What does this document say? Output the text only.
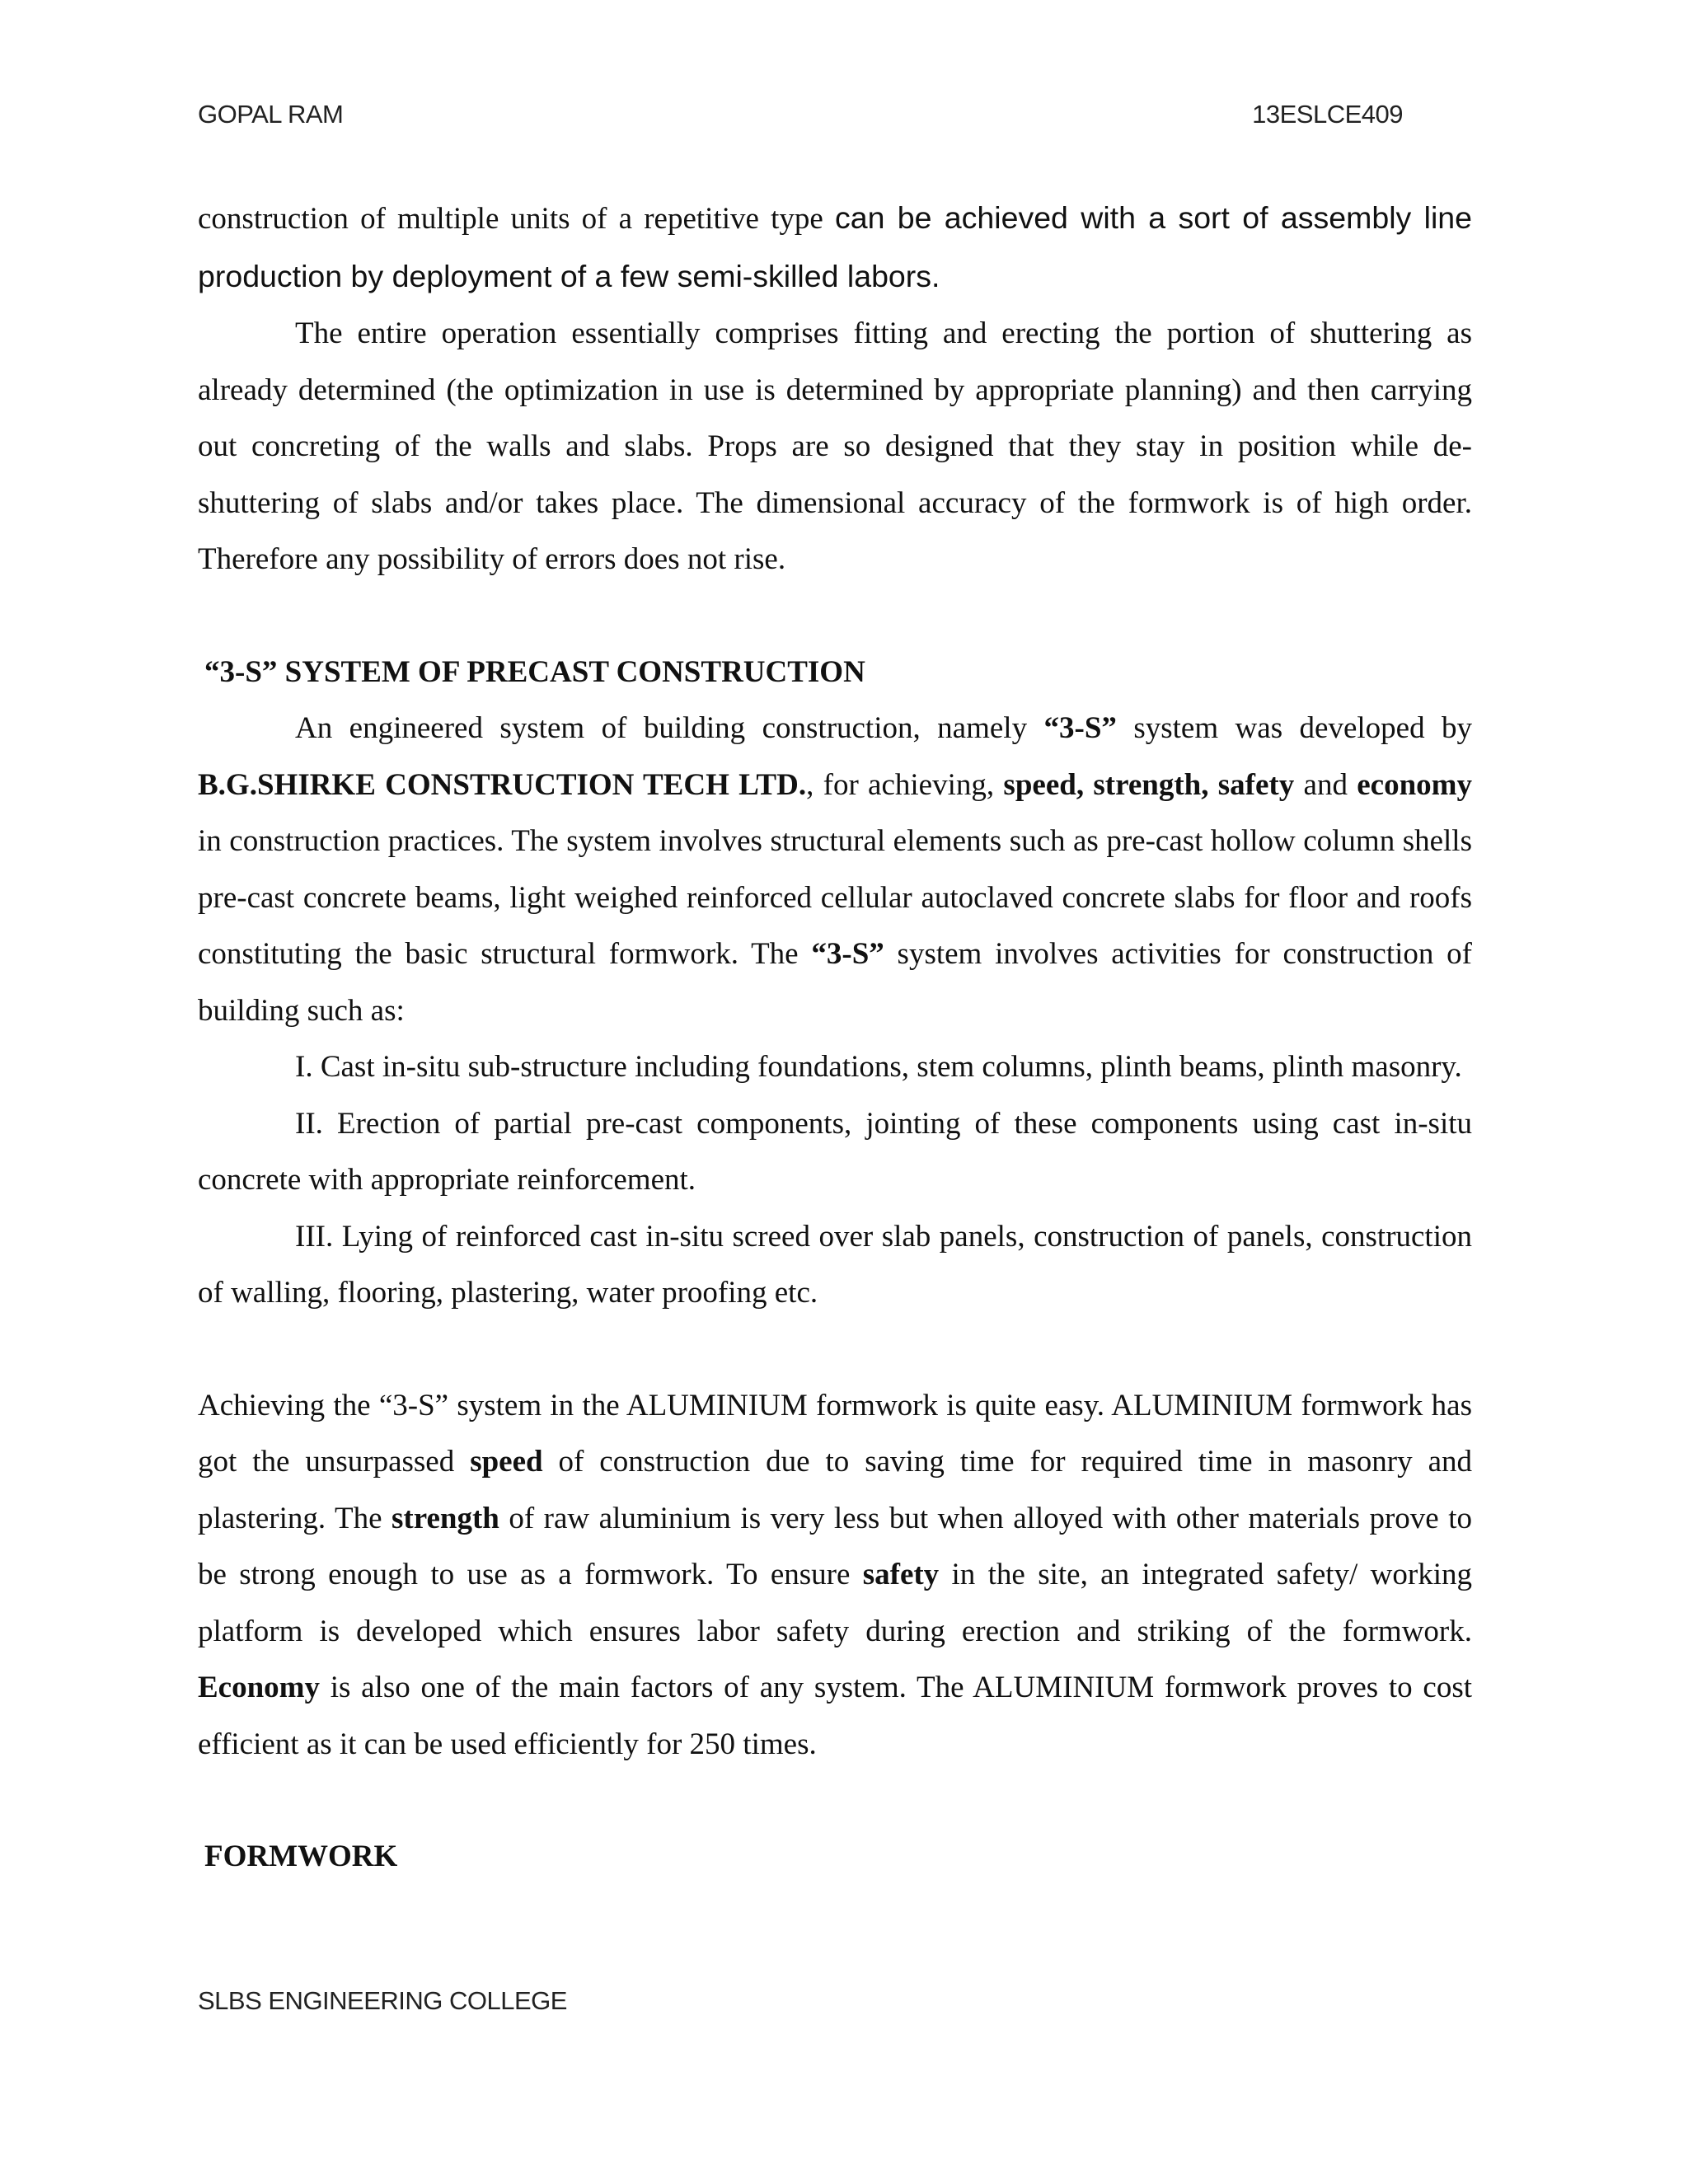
GOPAL RAM	13ESLCE409

construction of multiple units of a repetitive type can be achieved with a sort of assembly line production by deployment of a few semi-skilled labors.

The entire operation essentially comprises fitting and erecting the portion of shuttering as already determined (the optimization in use is determined by appropriate planning) and then carrying out concreting of the walls and slabs. Props are so designed that they stay in position while de-shuttering of slabs and/or takes place. The dimensional accuracy of the formwork is of high order. Therefore any possibility of errors does not rise.

“3-S” SYSTEM OF PRECAST CONSTRUCTION

An engineered system of building construction, namely “3-S” system was developed by B.G.SHIRKE CONSTRUCTION TECH LTD., for achieving, speed, strength, safety and economy in construction practices. The system involves structural elements such as pre-cast hollow column shells pre-cast concrete beams, light weighed reinforced cellular autoclaved concrete slabs for floor and roofs constituting the basic structural formwork. The “3-S” system involves activities for construction of building such as:

I. Cast in-situ sub-structure including foundations, stem columns, plinth beams, plinth masonry.

II. Erection of partial pre-cast components, jointing of these components using cast in-situ concrete with appropriate reinforcement.

III. Lying of reinforced cast in-situ screed over slab panels, construction of panels, construction of walling, flooring, plastering, water proofing etc.

Achieving the “3-S” system in the ALUMINIUM formwork is quite easy. ALUMINIUM formwork has got the unsurpassed speed of construction due to saving time for required time in masonry and plastering. The strength of raw aluminium is very less but when alloyed with other materials prove to be strong enough to use as a formwork. To ensure safety in the site, an integrated safety/ working platform is developed which ensures labor safety during erection and striking of the formwork. Economy is also one of the main factors of any system. The ALUMINIUM formwork proves to cost efficient as it can be used efficiently for 250 times.

FORMWORK

SLBS ENGINEERING COLLEGE
